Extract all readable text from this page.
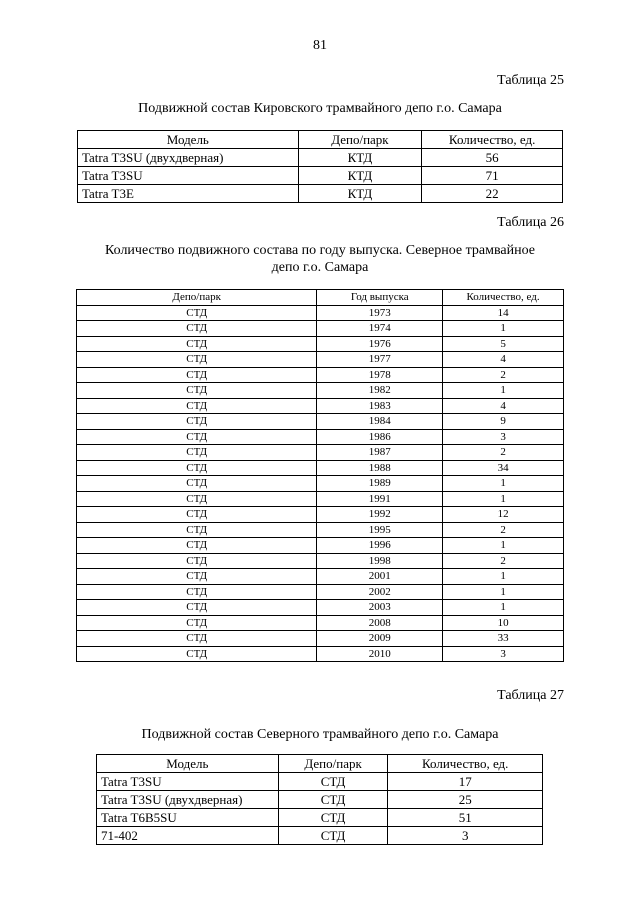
81
Таблица 25
Подвижной состав Кировского трамвайного депо г.о. Самара
Модель	Депо/парк	Количество, ед.
Tatra T3SU (двухдверная)	КТД	56
Tatra T3SU	КТД	71
Tatra T3E	КТД	22
Таблица 26
Количество подвижного состава по году выпуска. Северное трамвайное
депо г.о. Самара
Депо/парк	Год выпуска	Количество, ед.
СТД	1973	14
СТД	1974	1
СТД	1976	5
СТД	1977	4
СТД	1978	2
СТД	1982	1
СТД	1983	4
СТД	1984	9
СТД	1986	3
СТД	1987	2
СТД	1988	34
СТД	1989	1
СТД	1991	1
СТД	1992	12
СТД	1995	2
СТД	1996	1
СТД	1998	2
СТД	2001	1
СТД	2002	1
СТД	2003	1
СТД	2008	10
СТД	2009	33
СТД	2010	3
Таблица 27
Подвижной состав Северного трамвайного депо г.о. Самара
Модель	Депо/парк	Количество, ед.
Tatra T3SU	СТД	17
Tatra T3SU (двухдверная)	СТД	25
Tatra T6B5SU	СТД	51
71-402	СТД	3
